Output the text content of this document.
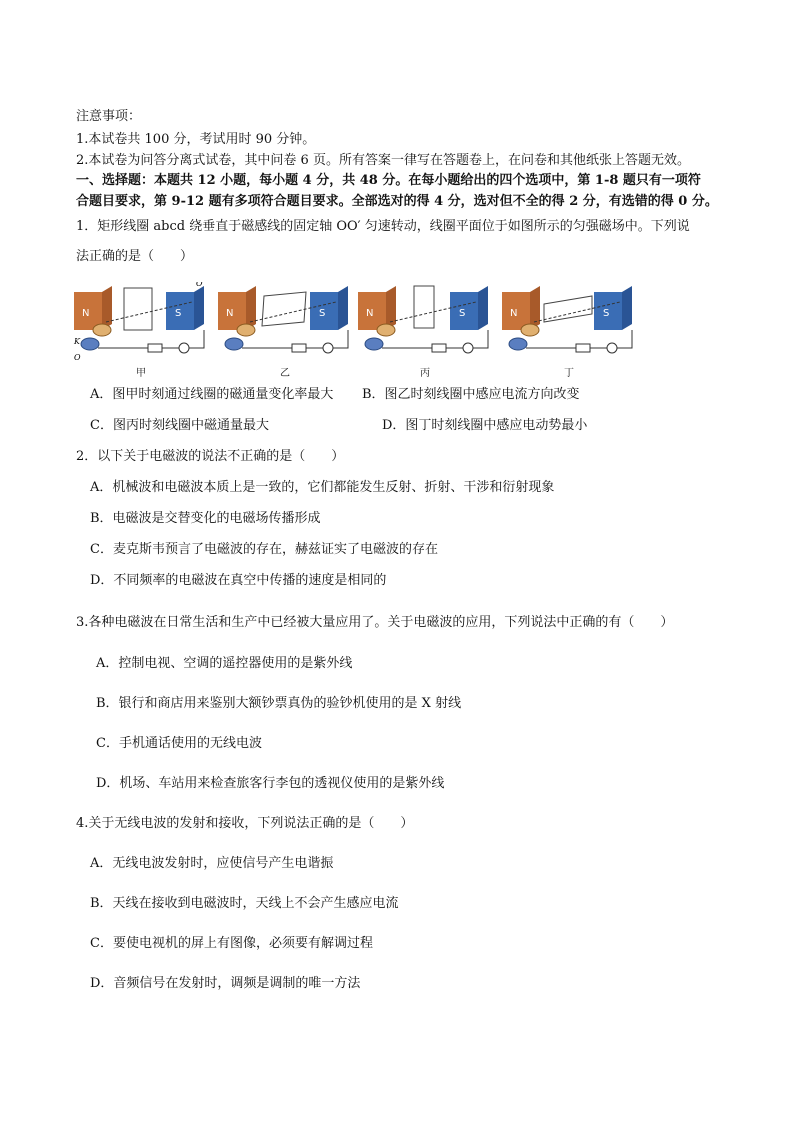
注意事项：
1.本试卷共 100 分，考试用时 90 分钟。
2.本试卷为问答分离式试卷，其中问卷 6 页。所有答案一律写在答题卷上，在问卷和其他纸张上答题无效。
一、选择题：本题共 12 小题，每小题 4 分，共 48 分。在每小题给出的四个选项中，第 1-8 题只有一项符
合题目要求，第 9-12 题有多项符合题目要求。全部选对的得 4 分，选对但不全的得 2 分，有选错的得 0 分。
1．矩形线圈 abcd 绕垂直于磁感线的固定轴 OO′ 匀速转动，线圈平面位于如图所示的匀强磁场中。下列说
法正确的是（　　）
N	S
K
O
O′
N	S	N	S	N	S
甲	乙	丙	丁
A．图甲时刻通过线圈的磁通量变化率最大 B．图乙时刻线圈中感应电流方向改变
C．图丙时刻线圈中磁通量最大	D．图丁时刻线圈中感应电动势最小
2．以下关于电磁波的说法不正确的是（　　）
A．机械波和电磁波本质上是一致的，它们都能发生反射、折射、干涉和衍射现象
B．电磁波是交替变化的电磁场传播形成
C．麦克斯韦预言了电磁波的存在，赫兹证实了电磁波的存在
D．不同频率的电磁波在真空中传播的速度是相同的
3.各种电磁波在日常生活和生产中已经被大量应用了。关于电磁波的应用，下列说法中正确的有（　　）
A．控制电视、空调的遥控器使用的是紫外线
B．银行和商店用来鉴别大额钞票真伪的验钞机使用的是 X 射线
C．手机通话使用的无线电波
D．机场、车站用来检查旅客行李包的透视仪使用的是紫外线
4.关于无线电波的发射和接收，下列说法正确的是（　　）
A．无线电波发射时，应使信号产生电谐振
B．天线在接收到电磁波时，天线上不会产生感应电流
C．要使电视机的屏上有图像，必须要有解调过程
D．音频信号在发射时，调频是调制的唯一方法
